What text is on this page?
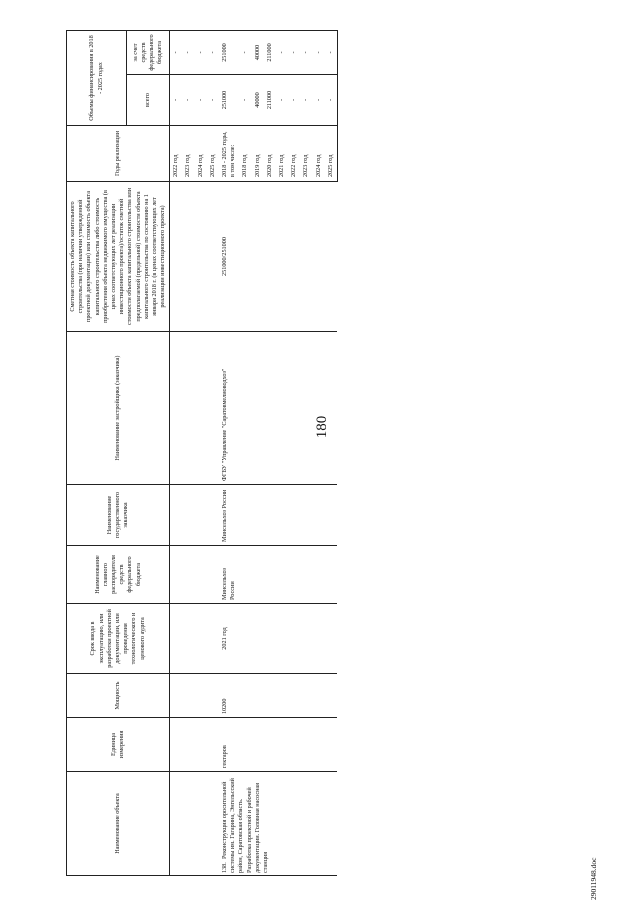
180
29011948.doc
Наименование объекта	Единица измерения	Мощность	Срок ввода в эксплуатацию, или разработки проектной документации, или проведения технологического и ценового аудита	Наименование главного распорядителя средств федерального бюджета	Наименование государственного заказчика	Наименование застройщика (заказчика)	Сметная стоимость объекта капитального строительства (при наличии утвержденной проектной документации) или стоимость объекта капитального строительства либо стоимость приобретения объекта недвижимого имущества (в ценах соответствующих лет реализации инвестиционного проекта)/остаток сметной стоимости объекта капитального строительства или предполагаемой (предельной) стоимости объекта капитального строительства по состоянию на 1 января 2018 г. (в ценах соответствующих лет реализации инвестиционного проекта)	Годы реализации	Объемы финансирования в 2018 - 2025 годах	
									всего	за счет средств федерального бюджета
								2022 год	-	-
								2023 год	-	-
								2024 год	-	-
								2025 год	-	-
138.Реконструкция оросительной системы им. Гагарина, Энгельсский район, Саратовская область. Разработка проектной и рабочей документации. Головная насосная станция	гектаров	10200	2021 год	Минсельхоз России	Минсельхоз России	ФГБУ "Управление "Саратовмелиоводхоз"	251000/251000	2018 - 2025 годы, в том числе:	251000	251000
								2018 год	-	-
								2019 год	40000	40000
								2020 год	211000	211000
								2021 год	-	-
								2022 год	-	-
								2023 год	-	-
								2024 год	-	-
								2025 год	-	-
